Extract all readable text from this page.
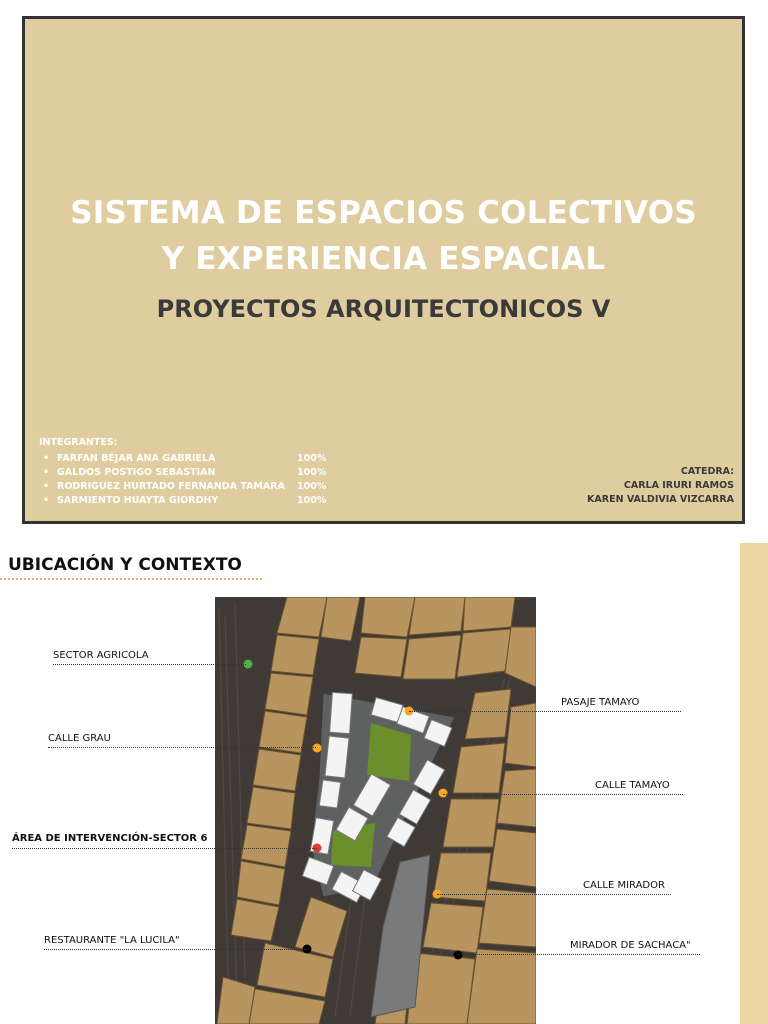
SISTEMA DE ESPACIOS COLECTIVOS
Y EXPERIENCIA ESPACIAL
PROYECTOS ARQUITECTONICOS V
INTEGRANTES:
• FARFAN BÉJAR ANA GABRIELA	100%
• GALDOS POSTIGO SEBASTIAN	100%
• RODRIGUEZ HURTADO FERNANDA TAMARA	100%
• SARMIENTO HUAYTA GIORDHY	100%
CATEDRA:
CARLA IRURI RAMOS
KAREN VALDIVIA VIZCARRA
UBICACIÓN Y CONTEXTO
SECTOR AGRICOLA
CALLE GRAU
ÁREA DE INTERVENCIÓN-SECTOR 6
RESTAURANTE "LA LUCILA"
PASAJE TAMAYO
CALLE TAMAYO
CALLE MIRADOR
MIRADOR DE SACHACA"
